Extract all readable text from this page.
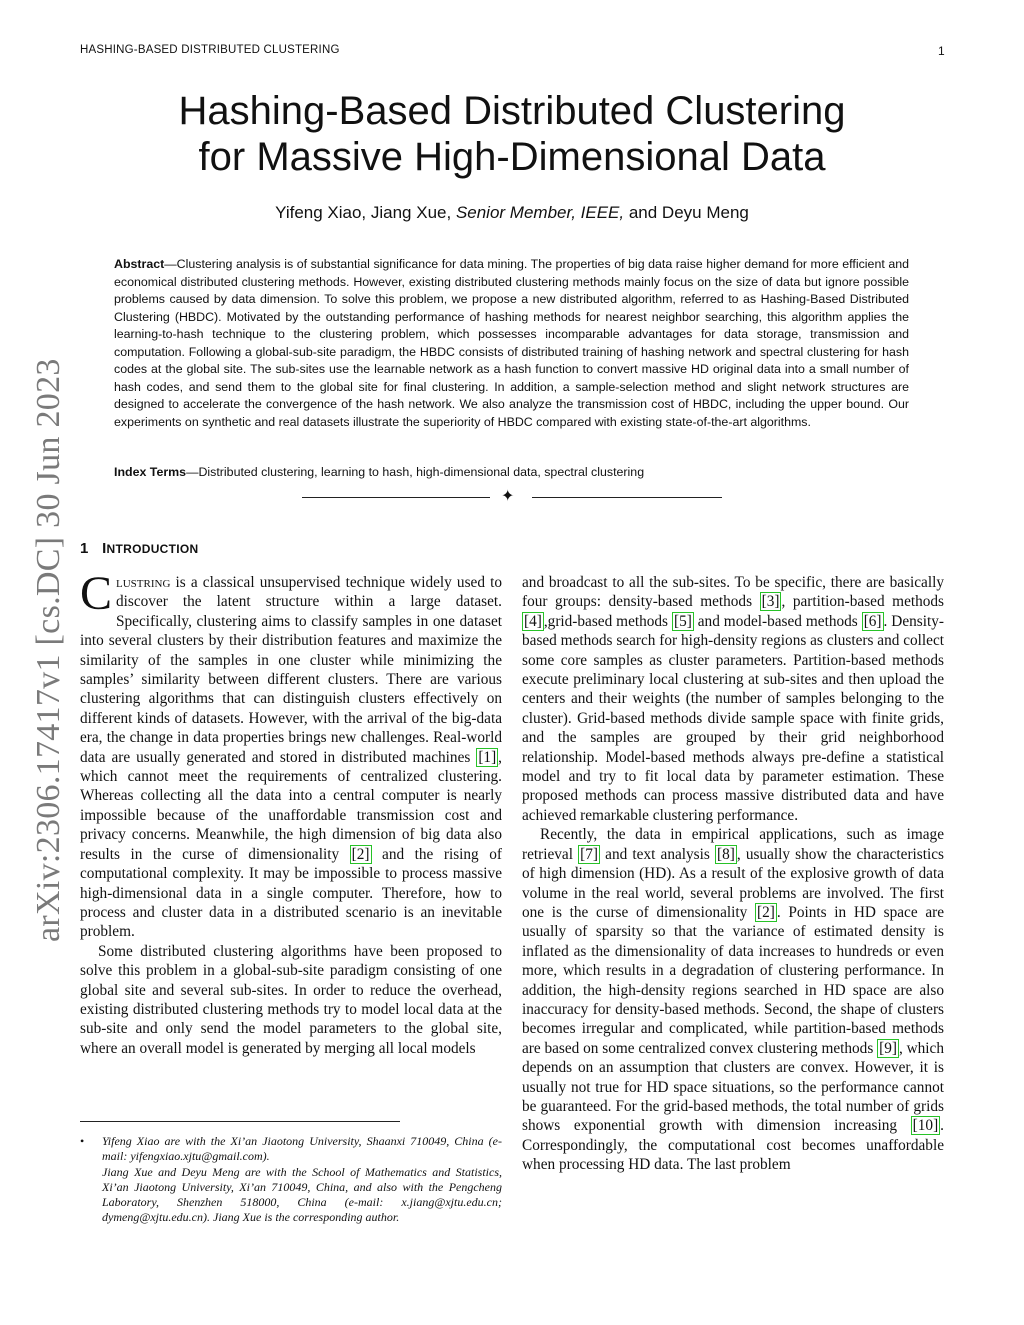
HASHING-BASED DISTRIBUTED CLUSTERING	1
Hashing-Based Distributed Clustering
for Massive High-Dimensional Data
Yifeng Xiao, Jiang Xue, Senior Member, IEEE, and Deyu Meng

Abstract—Clustering analysis is of substantial significance for data mining. The properties of big data raise higher demand for more efficient and economical distributed clustering methods. However, existing distributed clustering methods mainly focus on the size of data but ignore possible problems caused by data dimension. To solve this problem, we propose a new distributed algorithm, referred to as Hashing-Based Distributed Clustering (HBDC). Motivated by the outstanding performance of hashing methods for nearest neighbor searching, this algorithm applies the learning-to-hash technique to the clustering problem, which possesses incomparable advantages for data storage, transmission and computation. Following a global-sub-site paradigm, the HBDC consists of distributed training of hashing network and spectral clustering for hash codes at the global site. The sub-sites use the learnable network as a hash function to convert massive HD original data into a small number of hash codes, and send them to the global site for final clustering. In addition, a sample-selection method and slight network structures are designed to accelerate the convergence of the hash network. We also analyze the transmission cost of HBDC, including the upper bound. Our experiments on synthetic and real datasets illustrate the superiority of HBDC compared with existing state-of-the-art algorithms.

Index Terms—Distributed clustering, learning to hash, high-dimensional data, spectral clustering

✦
1 INTRODUCTION

Clustring is a classical unsupervised technique widely used to discover the latent structure within a large dataset. Specifically, clustering aims to classify samples in one dataset into several clusters by their distribution features and maximize the similarity of the samples in one cluster while minimizing the samples’ similarity between different clusters. There are various clustering algorithms that can distinguish clusters effectively on different kinds of datasets. However, with the arrival of the big-data era, the change in data properties brings new challenges. Real-world data are usually generated and stored in distributed machines [1] , which cannot meet the requirements of centralized clustering. Whereas collecting all the data into a central computer is nearly impossible because of the unaffordable transmission cost and privacy concerns. Meanwhile, the high dimension of big data also results in the curse of dimensionality [2] and the rising of computational complexity. It may be impossible to process massive high-dimensional data in a single computer. Therefore, how to process and cluster data in a distributed scenario is an inevitable problem.

Some distributed clustering algorithms have been proposed to solve this problem in a global-sub-site paradigm consisting of one global site and several sub-sites. In order to reduce the overhead, existing distributed clustering methods try to model local data at the sub-site and only send the model parameters to the global site, where an overall model is generated by merging all local models

and broadcast to all the sub-sites. To be specific, there are basically four groups: density-based methods [3] , partition-based methods [4] ,grid-based methods [5] and model-based methods [6] . Density-based methods search for high-density regions as clusters and collect some core samples as cluster parameters. Partition-based methods execute preliminary local clustering at sub-sites and then upload the centers and their weights (the number of samples belonging to the cluster). Grid-based methods divide sample space with finite grids, and the samples are grouped by their grid neighborhood relationship. Model-based methods always pre-define a statistical model and try to fit local data by parameter estimation. These proposed methods can process massive distributed data and have achieved remarkable clustering performance.

Recently, the data in empirical applications, such as image retrieval [7] and text analysis [8] , usually show the characteristics of high dimension (HD). As a result of the explosive growth of data volume in the real world, several problems are involved. The first one is the curse of dimensionality [2] . Points in HD space are usually of sparsity so that the variance of estimated density is inflated as the dimensionality of data increases to hundreds or even more, which results in a degradation of clustering performance. In addition, the high-density regions searched in HD space are also inaccuracy for density-based methods. Second, the shape of clusters becomes irregular and complicated, while partition-based methods are based on some centralized convex clustering methods [9] , which depends on an assumption that clusters are convex. However, it is usually not true for HD space situations, so the performance cannot be guaranteed. For the grid-based methods, the total number of grids shows exponential growth with dimension increasing [10] . Correspondingly, the computational cost becomes unaffordable when processing HD data. The last problem

• Yifeng Xiao are with the Xi’an Jiaotong University, Shaanxi 710049, China (e-mail: yifengxiao.xjtu@gmail.com).

Jiang Xue and Deyu Meng are with the School of Mathematics and Statistics, Xi’an Jiaotong University, Xi’an 710049, China, and also with the Pengcheng Laboratory, Shenzhen 518000, China (e-mail: x.jiang@xjtu.edu.cn; dymeng@xjtu.edu.cn). Jiang Xue is the corresponding author.

arXiv:2306.17417v1 [cs.DC] 30 Jun 2023
